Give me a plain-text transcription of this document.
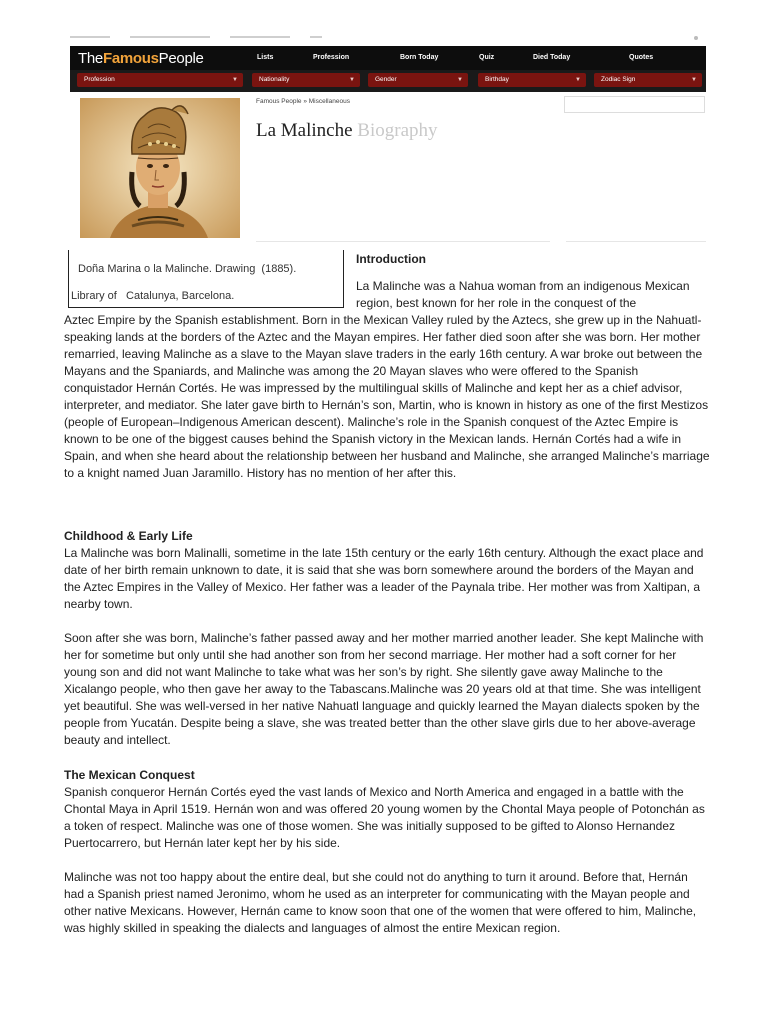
TheFamousPeople	Lists	Profession	Born Today	Quiz	Died Today	Quotes
Profession	▼	Nationality	▼	Gender	▼	Birthday	▼	Zodiac Sign	▼
Famous People » Miscellaneous
La Malinche Biography
Doña Marina o la Malinche. Drawing  (1885).
Library of   Catalunya, Barcelona.
Introduction
La Malinche was a Nahua woman from an indigenous Mexican region, best known for her role in the conquest of the
Aztec Empire by the Spanish establishment. Born in the Mexican Valley ruled by the Aztecs, she grew up in the Nahuatl- speaking lands at the borders of the Aztec and the Mayan empires. Her father died soon after she was born. Her mother remarried, leaving Malinche as a slave to the Mayan slave traders in the early 16th century. A war broke out between the Mayans and the Spaniards, and Malinche was among the 20 Mayan slaves who were offered to the Spanish conquistador Hernán Cortés. He was impressed by the multilingual skills of Malinche and kept her as a chief advisor, interpreter, and mediator. She later gave birth to Hernán’s son, Martin, who is known in history as one of the first Mestizos (people of European–Indigenous American descent). Malinche’s role in the Spanish conquest of the Aztec Empire is known to be one of the biggest causes behind the Spanish victory in the Mexican lands. Hernán Cortés had a wife in Spain, and when she heard about the relationship between her husband and Malinche, she arranged Malinche’s marriage to a knight named Juan Jaramillo. History has no mention of her after this.
Childhood & Early Life
La Malinche was born Malinalli, sometime in the late 15th century or the early 16th century. Although the exact place and date of her birth remain unknown to date, it is said that she was born somewhere around the borders of the Mayan and the Aztec Empires in the Valley of Mexico. Her father was a leader of the Paynala tribe. Her mother was from Xaltipan, a nearby town.
Soon after she was born, Malinche’s father passed away and her mother married another leader. She kept Malinche with her for sometime but only until she had another son from her second marriage. Her mother had a soft corner for her young son and did not want Malinche to take what was her son’s by right. She silently gave away Malinche to the Xicalango people, who then gave her away to the Tabascans.Malinche was 20 years old at that time. She was intelligent yet beautiful. She was well-versed in her native Nahuatl language and quickly learned the Mayan dialects spoken by the people from Yucatán. Despite being a slave, she was treated better than the other slave girls due to her above-average beauty and intellect.
The Mexican Conquest
Spanish conqueror Hernán Cortés eyed the vast lands of Mexico and North America and engaged in a battle with the Chontal Maya in April 1519. Hernán won and was offered 20 young women by the Chontal Maya people of Potonchán as a token of respect. Malinche was one of those women. She was initially supposed to be gifted to Alonso Hernandez Puertocarrero, but Hernán later kept her by his side.
Malinche was not too happy about the entire deal, but she could not do anything to turn it around. Before that, Hernán had a Spanish priest named Jeronimo, whom he used as an interpreter for communicating with the Mayan people and other native Mexicans. However, Hernán came to know soon that one of the women that were offered to him, Malinche, was highly skilled in speaking the dialects and languages of almost the entire Mexican region.
